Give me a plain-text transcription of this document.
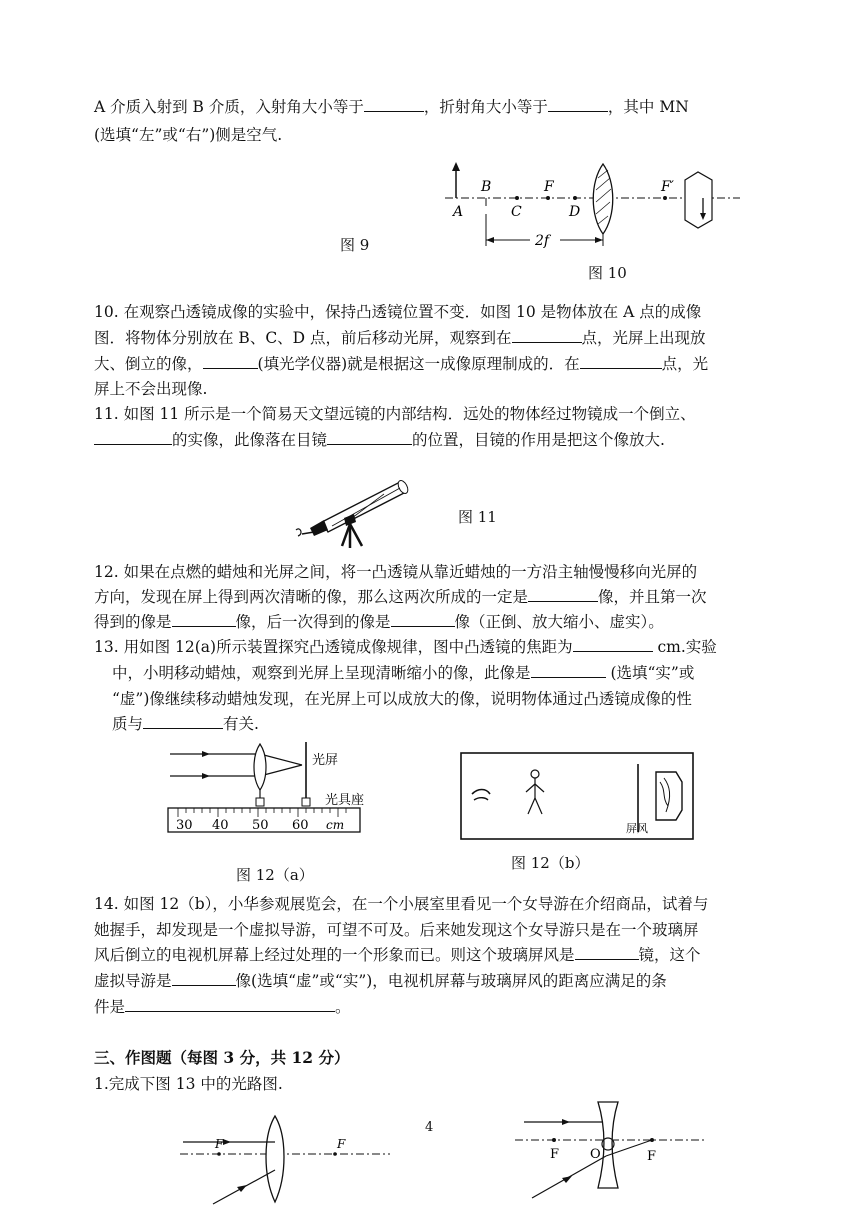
A 介质入射到 B 介质，入射角大小等于	，折射角大小等于	，其中 MN
(选填“左”或“右”)侧是空气.
图 9
A
B
C
F
D
F′
2f
图 10
10. 在观察凸透镜成像的实验中，保持凸透镜位置不变．如图 10 是物体放在 A 点的成像
图．将物体分别放在 B、C、D 点，前后移动光屏，观察到在	点，光屏上出现放
大、倒立的像，	(填光学仪器)就是根据这一成像原理制成的．在	点，光
屏上不会出现像.
11. 如图 11 所示是一个简易天文望远镜的内部结构．远处的物体经过物镜成一个倒立、
的实像，此像落在目镜	的位置，目镜的作用是把这个像放大.
图 11
12. 如果在点燃的蜡烛和光屏之间，将一凸透镜从靠近蜡烛的一方沿主轴慢慢移向光屏的
方向，发现在屏上得到两次清晰的像，那么这两次所成的一定是	像，并且第一次
得到的像是	像，后一次得到的像是	像（正倒、放大缩小、虚实）。
13. 用如图 12(a)所示装置探究凸透镜成像规律，图中凸透镜的焦距为	cm.实验
中，小明移动蜡烛，观察到光屏上呈现清晰缩小的像，此像是	(选填“实”或
“虚”)像继续移动蜡烛发现，在光屏上可以成放大的像，说明物体通过凸透镜成像的性
质与	有关.
30 40 50 60 cm
光屏
光具座
图 12（a）
屏风
图 12（b）
14. 如图 12（b），小华参观展览会，在一个小展室里看见一个女导游在介绍商品，试着与
她握手，却发现是一个虚拟导游，可望不可及。后来她发现这个女导游只是在一个玻璃屏
风后倒立的电视机屏幕上经过处理的一个形象而已。则这个玻璃屏风是	镜，这个
虚拟导游是	像(选填“虚”或“实”)，电视机屏幕与玻璃屏风的距离应满足的条
件是	。
三、作图题（每图 3 分，共 12 分）
1.完成下图 13 中的光路图.
4
F	F
F O	F
